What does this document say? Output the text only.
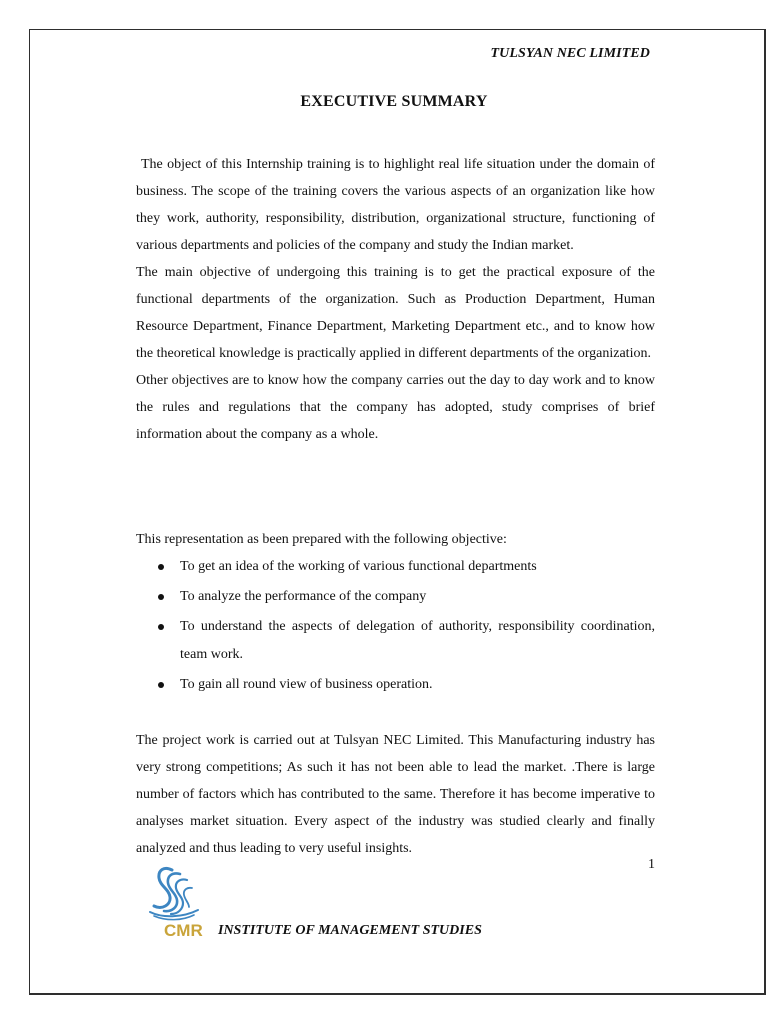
TULSYAN NEC LIMITED
EXECUTIVE SUMMARY

The object of this Internship training is to highlight real life situation under the domain of business. The scope of the training covers the various aspects of an organization like how they work, authority, responsibility, distribution, organizational structure, functioning of various departments and policies of the company and study the Indian market.

The main objective of undergoing this training is to get the practical exposure of the functional departments of the organization. Such as Production Department, Human Resource Department, Finance Department, Marketing Department etc., and to know how the theoretical knowledge is practically applied in different departments of the organization.

Other objectives are to know how the company carries out the day to day work and to know the rules and regulations that the company has adopted, study comprises of brief information about the company as a whole.

This representation as been prepared with the following objective:
To get an idea of the working of various functional departments
To analyze the performance of the company
To understand the aspects of delegation of authority, responsibility coordination, team work.
To gain all round view of business operation.

The project work is carried out at Tulsyan NEC Limited. This Manufacturing industry has very strong competitions; As such it has not been able to lead the market. .There is large number of factors which has contributed to the same. Therefore it has become imperative to analyses market situation. Every aspect of the industry was studied clearly and finally analyzed and thus leading to very useful insights.

1
CMR INSTITUTE OF MANAGEMENT STUDIES
